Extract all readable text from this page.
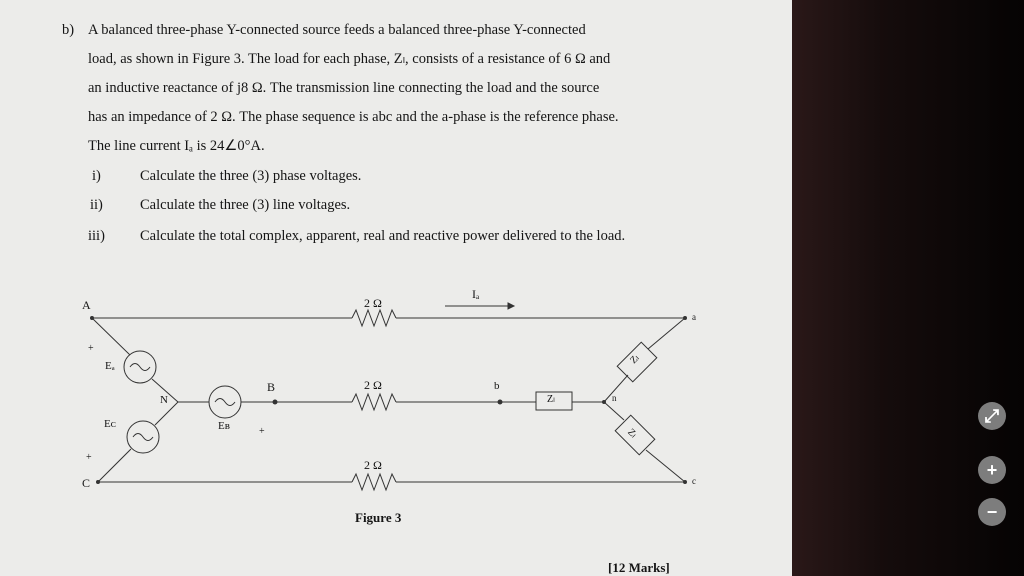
b) A balanced three-phase Y-connected source feeds a balanced three-phase Y-connected
load, as shown in Figure 3. The load for each phase, Zₗ, consists of a resistance of 6 Ω and
an inductive reactance of j8 Ω. The transmission line connecting the load and the source
has an impedance of 2 Ω. The phase sequence is abc and the a-phase is the reference phase.
The line current Iₐ is 24∠0°A.
i)	Calculate the three (3) phase voltages.
ii)	Calculate the three (3) line voltages.
iii) Calculate the total complex, apparent, real and reactive power delivered to the load.
A
C
B
N
Eₐ
Eᴄ	Eʙ
+
+
+
2 Ω
2 Ω
2 Ω
Iₐ
b
a
c
n
Zₗ
Zₗ
Zₗ
Figure 3
[12 Marks]
⤢
+
−
